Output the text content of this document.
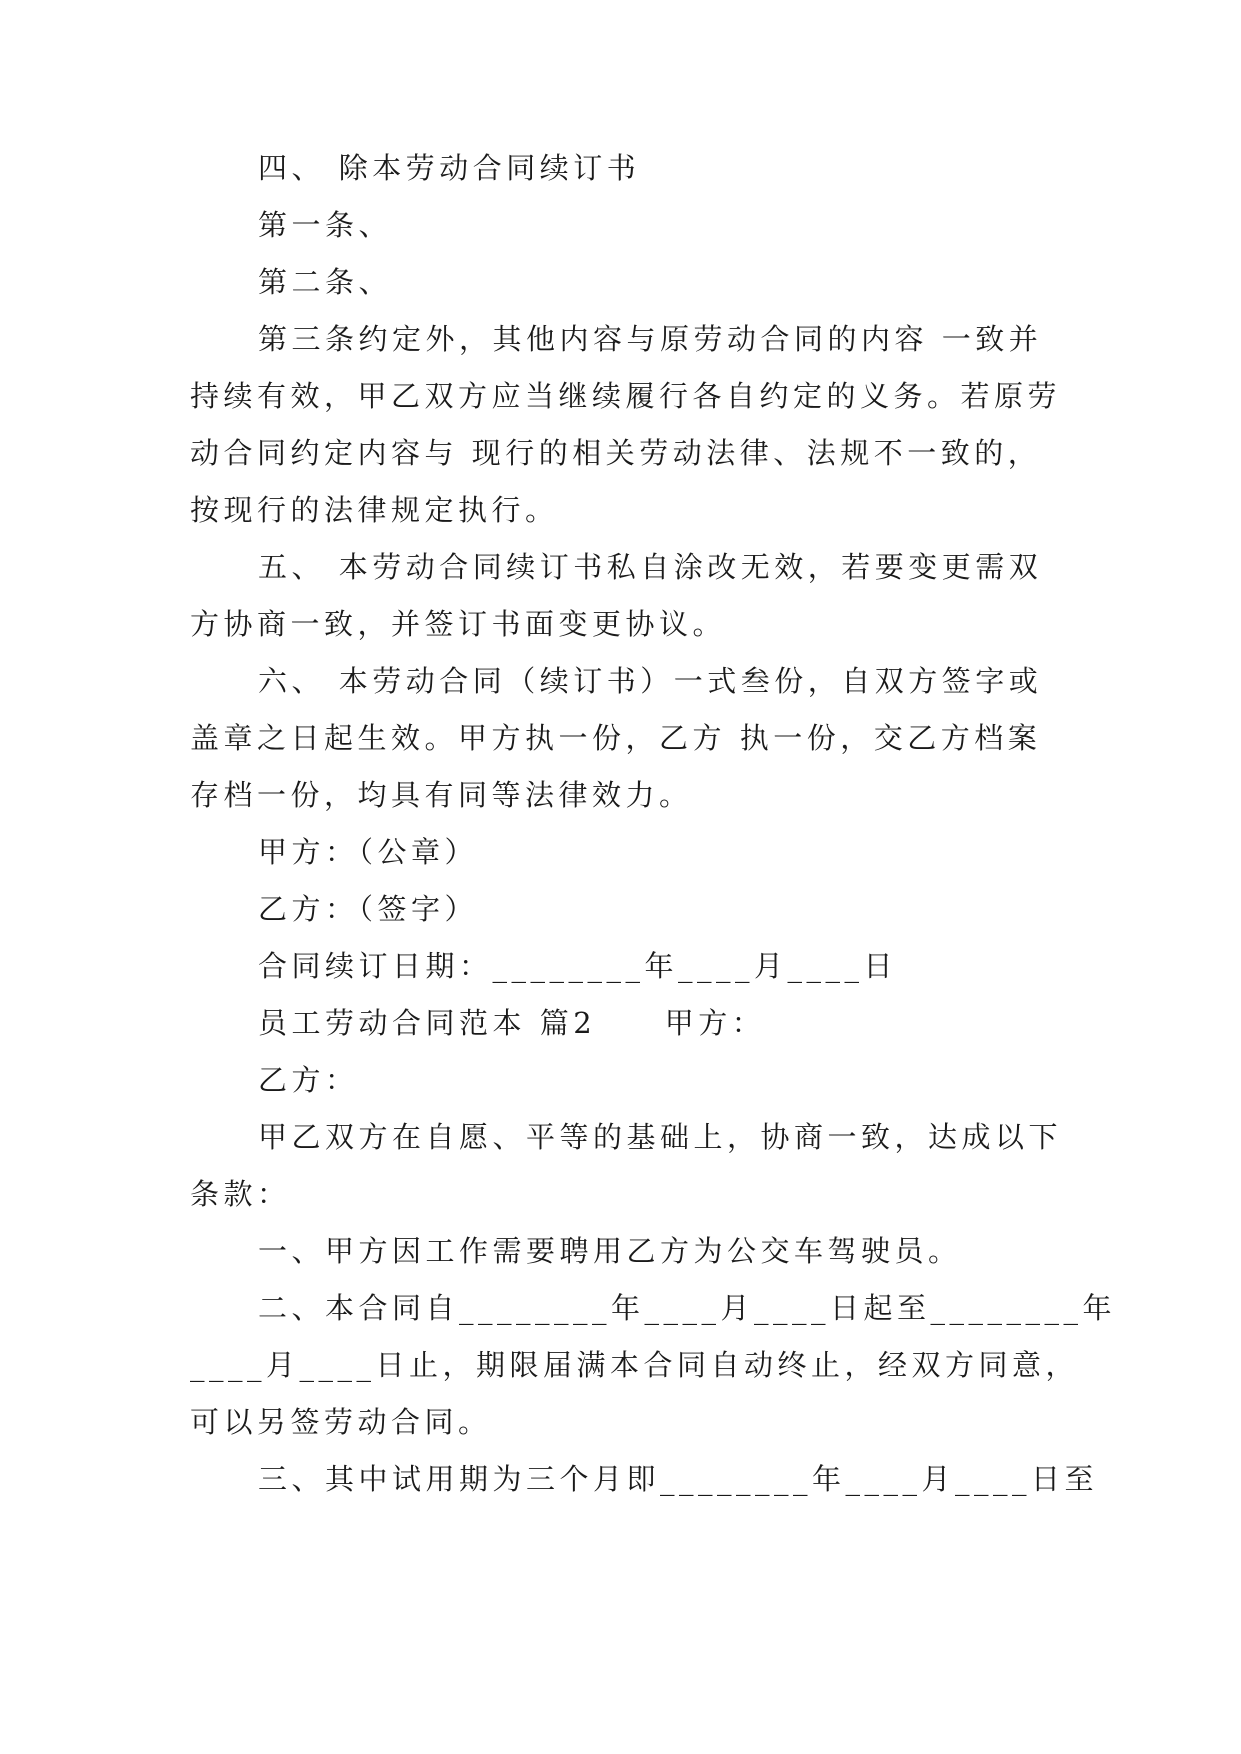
四、 除本劳动合同续订书
第一条、
第二条、
第三条约定外，其他内容与原劳动合同的内容 一致并
持续有效，甲乙双方应当继续履行各自约定的义务。若原劳
动合同约定内容与 现行的相关劳动法律、法规不一致的，
按现行的法律规定执行。
五、 本劳动合同续订书私自涂改无效，若要变更需双
方协商一致，并签订书面变更协议。
六、 本劳动合同（续订书）一式叁份，自双方签字或
盖章之日起生效。甲方执一份，乙方 执一份，交乙方档案
存档一份，均具有同等法律效力。
甲方：（公章）
乙方：（签字）
合同续订日期：________年____月____日
员工劳动合同范本 篇2     甲方：
乙方：
甲乙双方在自愿、平等的基础上，协商一致，达成以下
条款：
一、甲方因工作需要聘用乙方为公交车驾驶员。
二、本合同自________年____月____日起至________年
____月____日止，期限届满本合同自动终止，经双方同意，
可以另签劳动合同。
三、其中试用期为三个月即________年____月____日至
